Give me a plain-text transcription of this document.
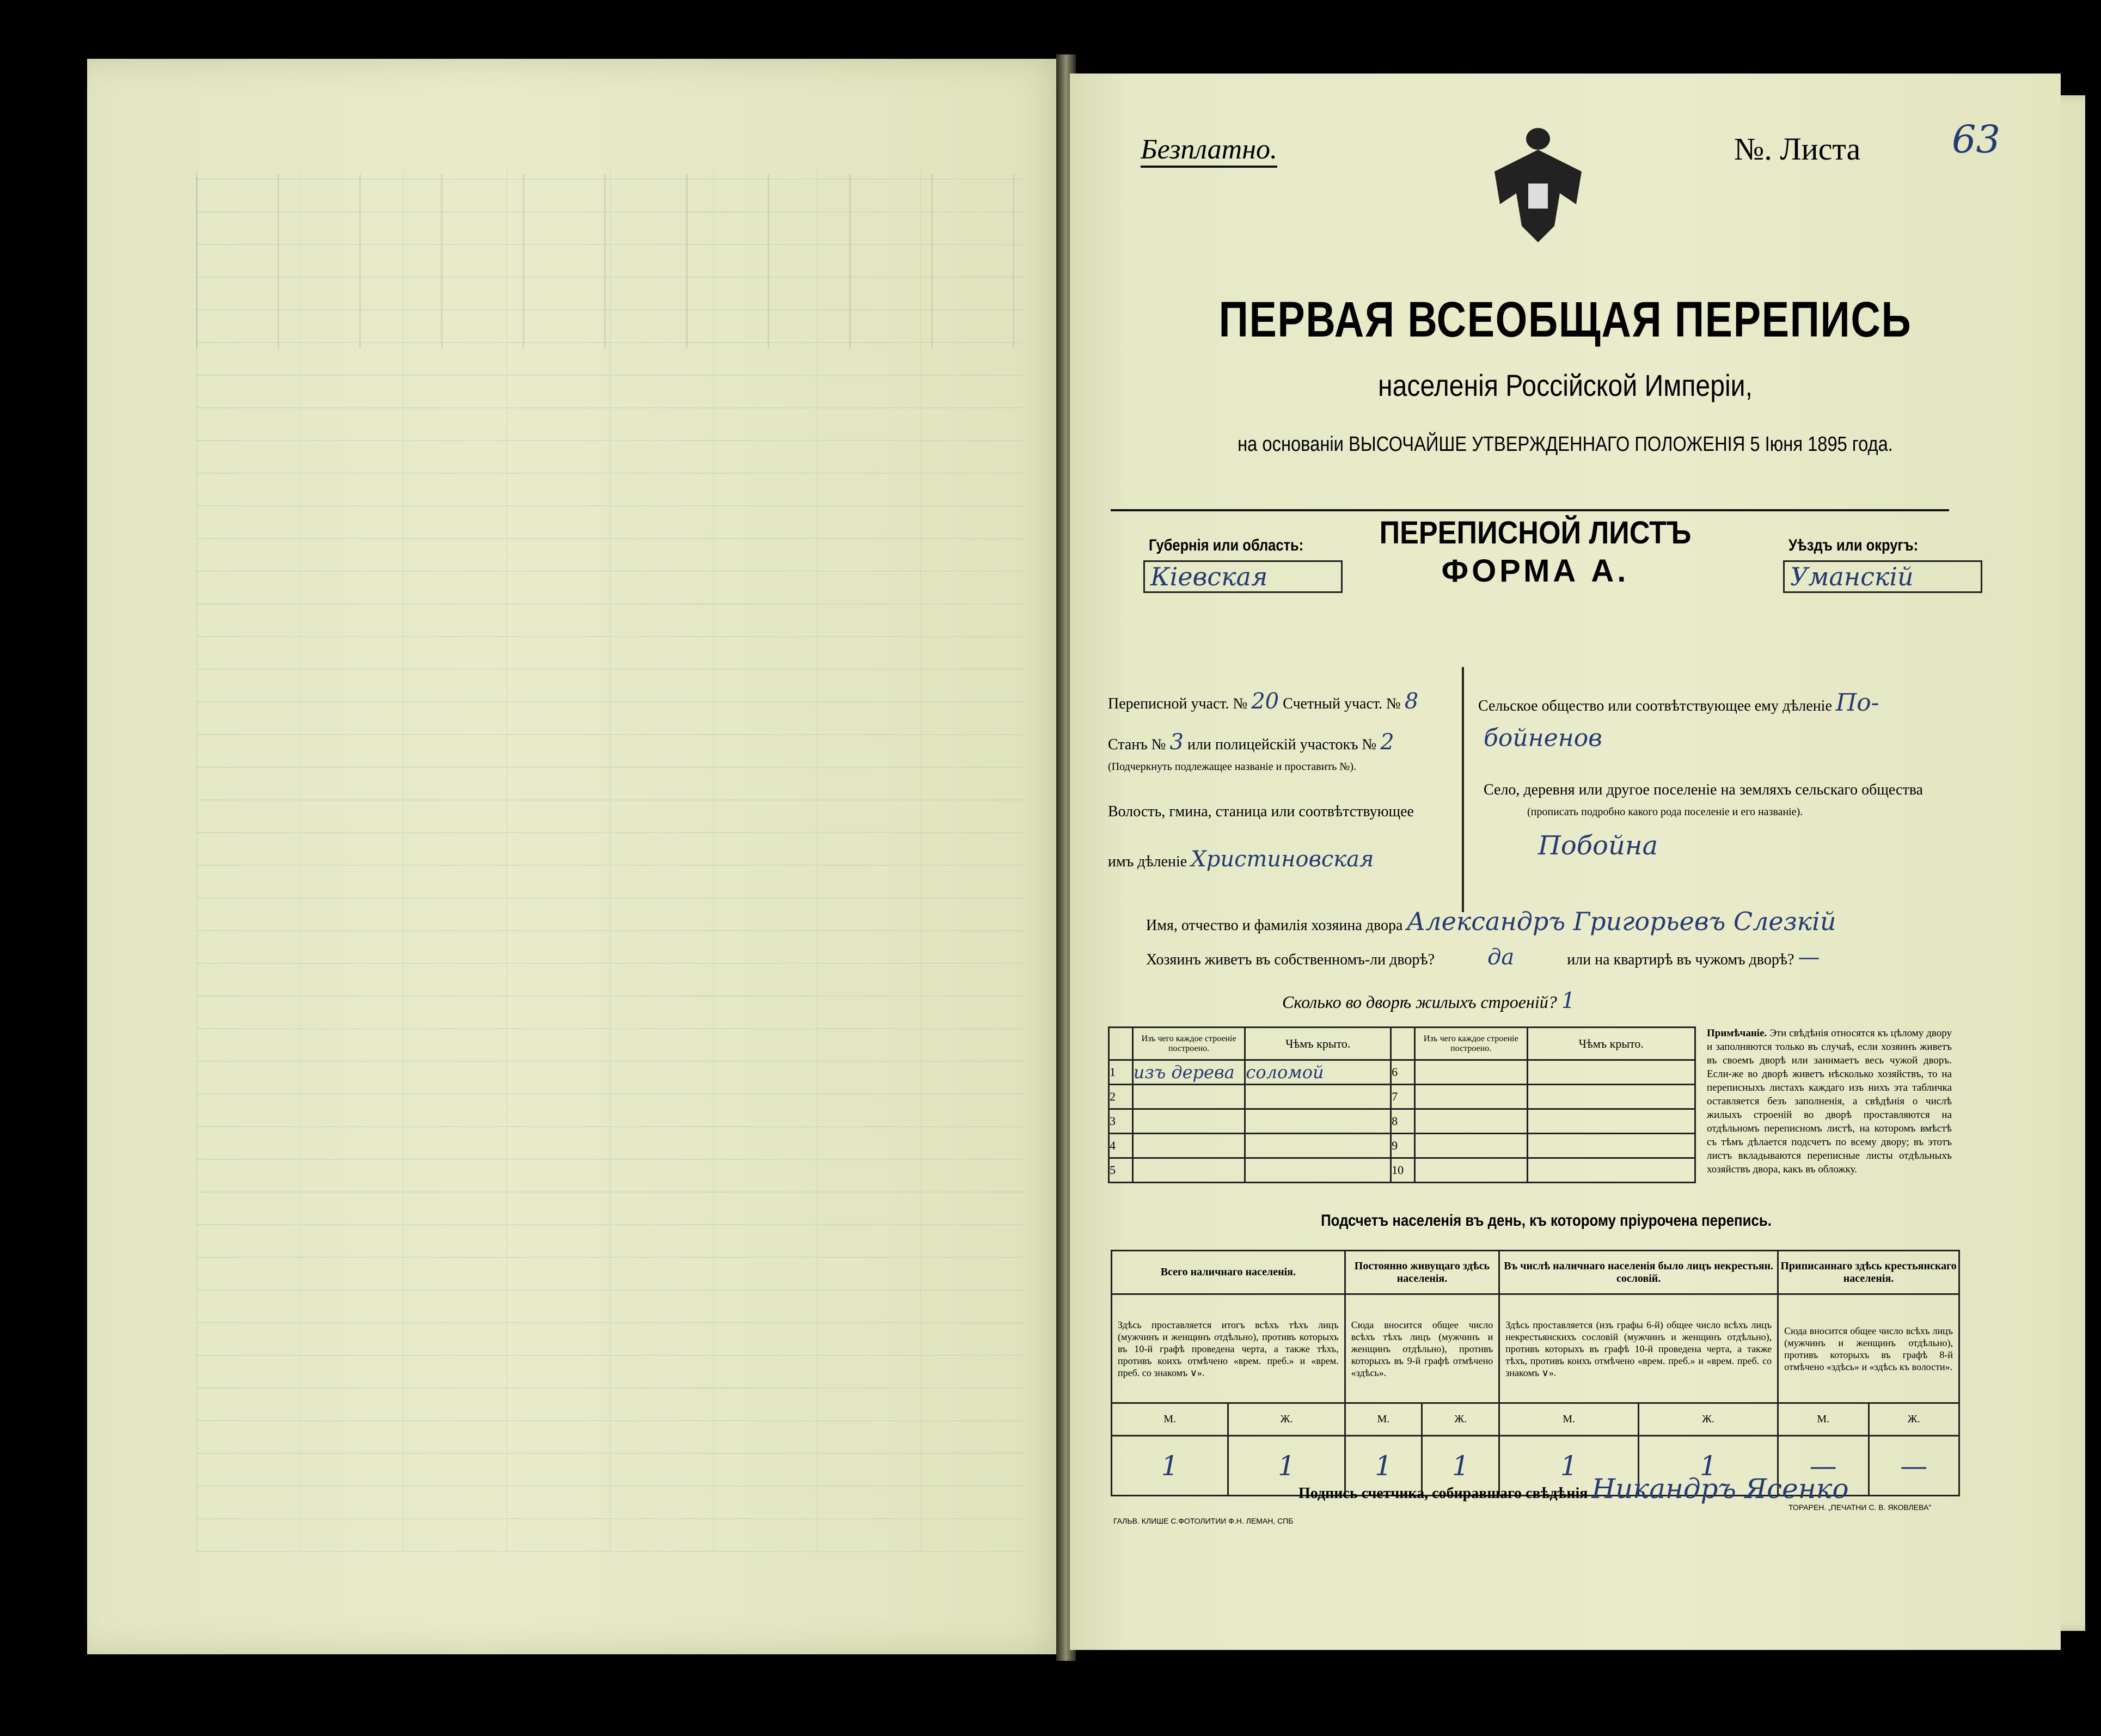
Безплатно.	№. Листа 63
ПЕРВАЯ ВСЕОБЩАЯ ПЕРЕПИСЬ
населенія Россійской Имперіи,
на основаніи ВЫСОЧАЙШЕ УТВЕРЖДЕННАГО ПОЛОЖЕНІЯ 5 Іюня 1895 года.
Губернія или область:
Кіевская
ПЕРЕПИСНОЙ ЛИСТЪ
ФОРМА А.
Уѣздъ или округъ:
Уманскій
Переписной участ. № 20 Счетный участ. № 8
Станъ № 3 или полицейскій участокъ № 2
(Подчеркнуть подлежащее названіе и проставить №).
Волость, гмина, станица или соотвѣтствующее
имъ дѣленіе Христиновская
Сельское общество или соотвѣтствующее ему дѣленіе По-
бойненов
Село, деревня или другое поселеніе на земляхъ сельскаго общества
(прописать подробно какого рода поселеніе и его названіе).
Побойна
Имя, отчество и фамилія хозяина двора Александръ Григорьевъ Слезкій
Хозяинъ живетъ въ собственномъ-ли дворѣ? да	или на квартирѣ въ чужомъ дворѣ? —
Сколько во дворѣ жилыхъ строеній? 1
	Изъ чего каждое строеніе построено.	Чѣмъ крыто.		Изъ чего каждое строеніе построено.	Чѣмъ крыто.
1	изъ дерева	соломой	6		
2			7		
3			8		
4			9		
5			10		
Примѣчаніе. Эти свѣдѣнія относятся къ цѣлому двору и заполняются только въ случаѣ, если хозяинъ живетъ въ своемъ дворѣ или занимаетъ весь чужой дворъ. Если-же во дворѣ живетъ нѣсколько хозяйствъ, то на переписныхъ листахъ каждаго изъ нихъ эта табличка оставляется безъ заполненія, а свѣдѣнія о числѣ жилыхъ строеній во дворѣ проставляются на отдѣльномъ переписномъ листѣ, на которомъ вмѣстѣ съ тѣмъ дѣлается подсчетъ по всему двору; въ этотъ листъ вкладываются переписные листы отдѣльныхъ хозяйствъ двора, какъ въ обложку.
Подсчетъ населенія въ день, къ которому пріурочена перепись.
Всего наличнаго населенія.		Постоянно живущаго здѣсь населенія.		Въ числѣ наличнаго населенія было лицъ некрестьян. сословій.		Приписаннаго здѣсь крестьянскаго населенія.	
Здѣсь проставляется итогъ всѣхъ тѣхъ лицъ (мужчинъ и женщинъ отдѣльно), противъ которыхъ въ 10-й графѣ проведена черта, а также тѣхъ, противъ коихъ отмѣчено «врем. преб.» и «врем. преб. со знакомъ ∨».		Сюда вносится общее число всѣхъ тѣхъ лицъ (мужчинъ и женщинъ отдѣльно), противъ которыхъ въ 9-й графѣ отмѣчено «здѣсь».		Здѣсь проставляется (изъ графы 6-й) общее число всѣхъ лицъ некрестьянскихъ сословій (мужчинъ и женщинъ отдѣльно), противъ которыхъ въ графѣ 10-й проведена черта, а также тѣхъ, противъ коихъ отмѣчено «врем. преб.» и «врем. преб. со знакомъ ∨».		Сюда вносится общее число всѣхъ лицъ (мужчинъ и женщинъ отдѣльно), противъ которыхъ въ графѣ 8-й отмѣчено «здѣсь» и «здѣсь къ волости».	
М.	Ж.	М.	Ж.	М.	Ж.	М.	Ж.
1	1	1	1	1	1	—	—
Подпись счетчика, собиравшаго свѣдѣнія Никандръ Ясенко
ГАЛЬВ. КЛИШЕ С.ФОТОЛИТИИ Ф.Н. ЛЕМАН, СПБ
ТОРАРЕН. „ПЕЧАТНИ С. В. ЯКОВЛЕВА"
